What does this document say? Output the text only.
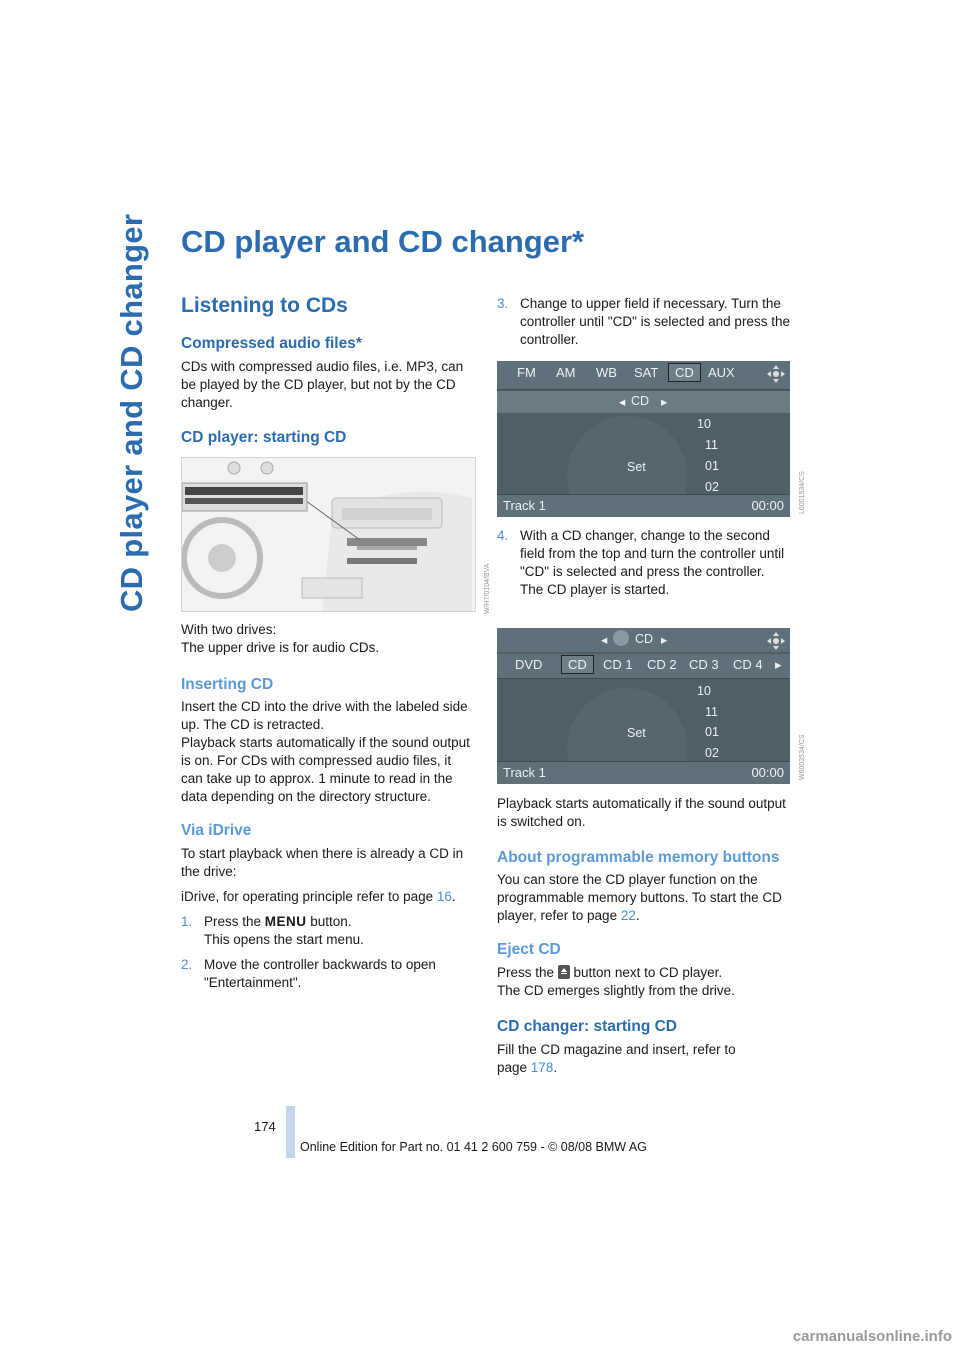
CD player and CD changer CD player and CD changer*
Listening to CDs
Compressed audio files*

CDs with compressed audio files, i.e. MP3, can be played by the CD player, but not by the CD changer.

CD player: starting CD
W/H7/0104/BVA

With two drives:

The upper drive is for audio CDs.

Inserting CD

Insert the CD into the drive with the labeled side up. The CD is retracted.

Playback starts automatically if the sound output is on. For CDs with compressed audio files, it can take up to approx. 1 minute to read in the data depending on the directory structure.

Via iDrive

To start playback when there is already a CD in the drive:

iDrive, for operating principle refer to page 16.

1. Press the MENU button.

This opens the start menu.

2. Move the controller backwards to open "Entertainment".

3. Change to upper field if necessary. Turn the controller until "CD" is selected and press the controller.

FM AM WB SAT	CD	AUX
◂ CD ▸
10
11
Set	01
02
Track 1	00:00 L6001534/CS
4. With a CD changer, change to the second field from the top and turn the controller until "CD" is selected and press the controller.

The CD player is started.

◂ CD ▸
DVD	CD	CD 1 CD 2 CD 3 CD 4 ▸
10
11
Set	01
02
Track 1	00:00 W6003534/CS

Playback starts automatically if the sound output is switched on.

About programmable memory buttons

You can store the CD player function on the programmable memory buttons. To start the CD player, refer to page 22.

Eject CD

Press the  button next to CD player.

The CD emerges slightly from the drive.

CD changer: starting CD

Fill the CD magazine and insert, refer to page 178.

174
Online Edition for Part no. 01 41 2 600 759 - © 08/08 BMW AG
carmanualsonline.info
